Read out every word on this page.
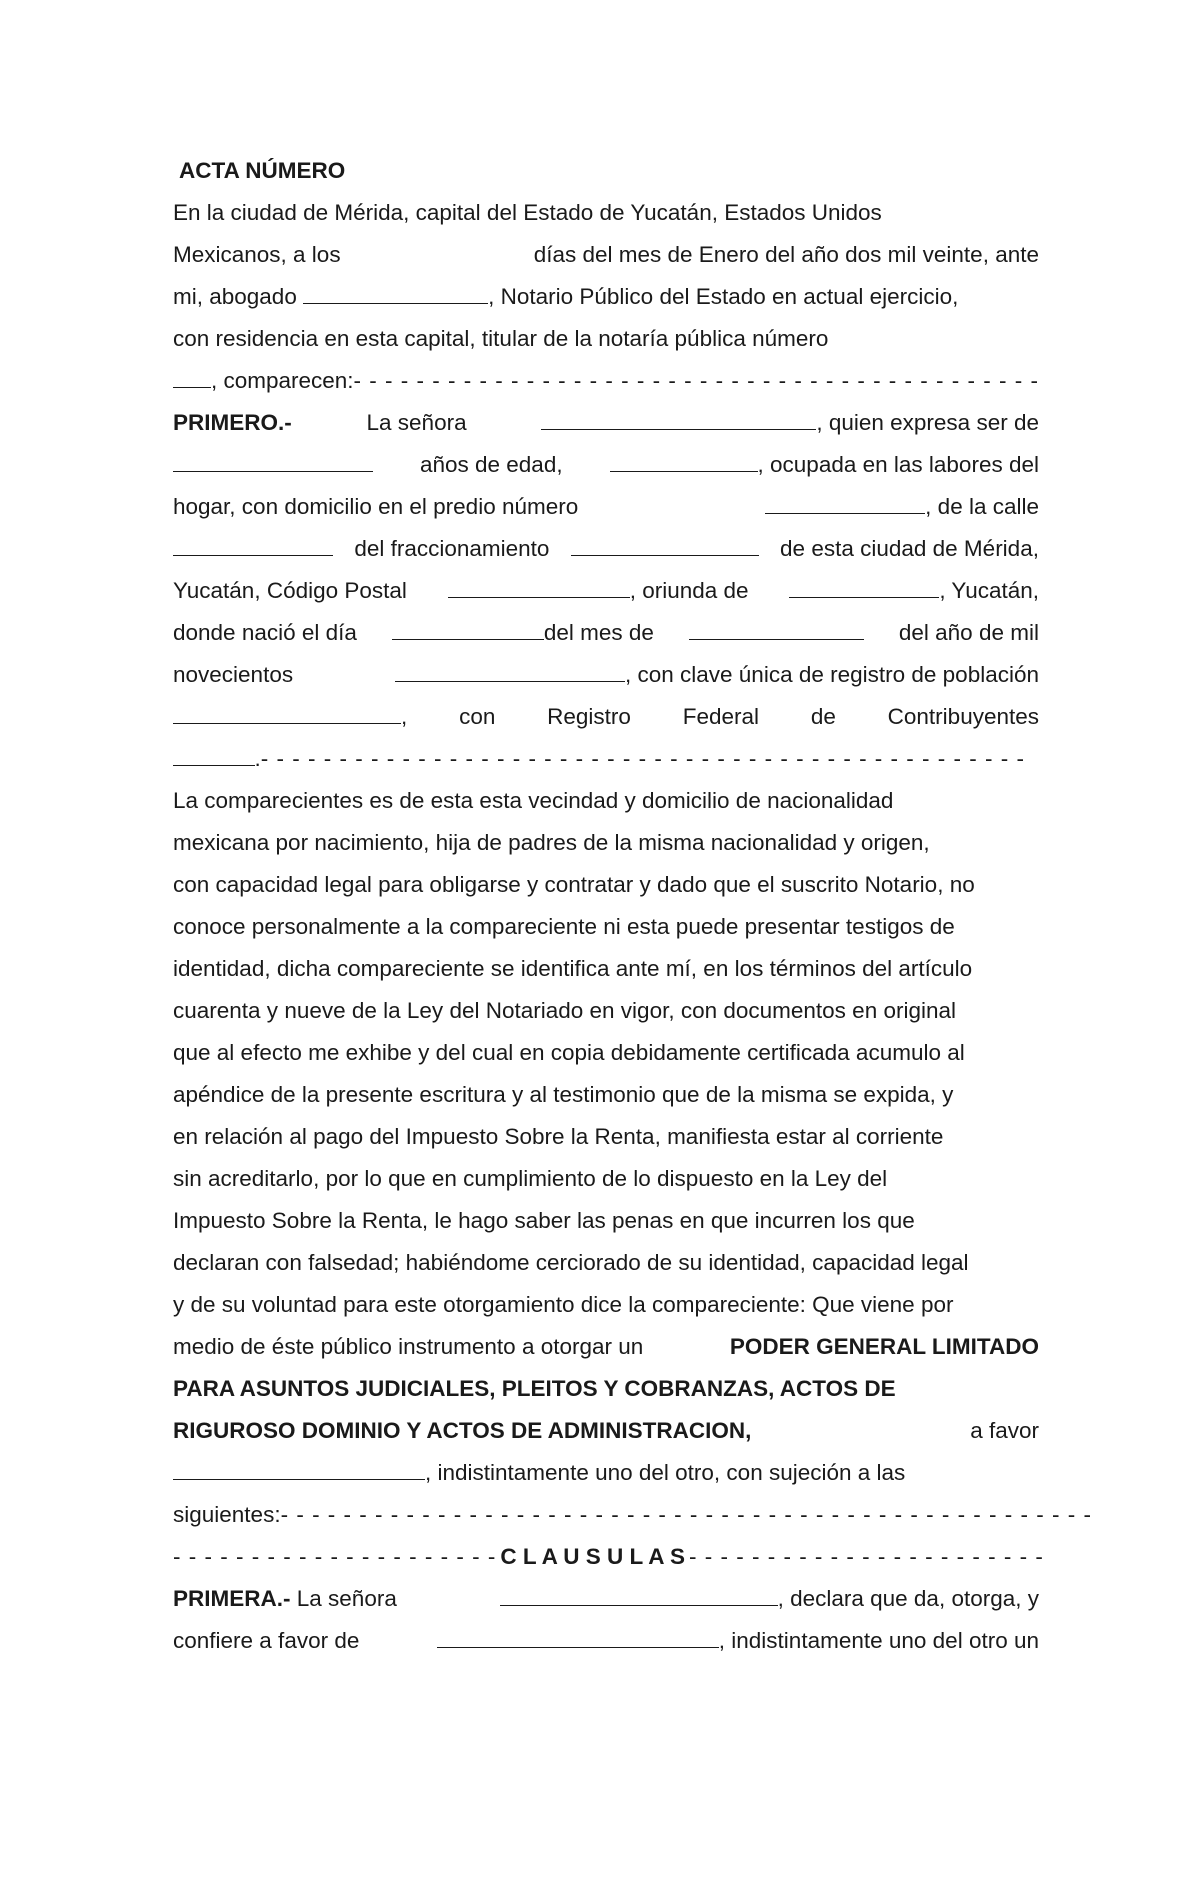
ACTA NÚMERO
En la ciudad de Mérida, capital del Estado de Yucatán, Estados Unidos
Mexicanos, a los	días del mes de Enero del año dos mil veinte, ante
mi, abogado	, Notario Público del Estado en actual ejercicio,
con residencia en esta capital, titular de la notaría pública número
, comparecen: - - - - - - - - - - - - - - - - - - - - - - - - - - - - - - - - - - - - - - - - - - - -
PRIMERO.-	La señora	, quien expresa ser de
años de edad,	, ocupada en las labores del
hogar, con domicilio en el predio número	, de la calle
del fraccionamiento	de esta ciudad de Mérida,
Yucatán, Código Postal	, oriunda de	, Yucatán,
donde nació el día	del mes de	del año de mil
novecientos	, con clave única de registro de población
, con Registro Federal de Contribuyentes
. - - - - - - - - - - - - - - - - - - - - - - - - - - - - - - - - - - - - - - - - - - - - - - - - -
La comparecientes es de esta esta vecindad y domicilio de nacionalidad
mexicana por nacimiento, hija de padres de la misma nacionalidad y origen,
con capacidad legal para obligarse y contratar y dado que el suscrito Notario, no
conoce personalmente a la compareciente ni esta puede presentar testigos de
identidad, dicha compareciente se identifica ante mí, en los términos del artículo
cuarenta y nueve de la Ley del Notariado en vigor, con documentos en original
que al efecto me exhibe y del cual en copia debidamente certificada acumulo al
apéndice de la presente escritura y al testimonio que de la misma se expida, y
en relación al pago del Impuesto Sobre la Renta, manifiesta estar al corriente
sin acreditarlo, por lo que en cumplimiento de lo dispuesto en la Ley del
Impuesto Sobre la Renta, le hago saber las penas en que incurren los que
declaran con falsedad; habiéndome cerciorado de su identidad, capacidad legal
y de su voluntad para este otorgamiento dice la compareciente: Que viene por
medio de éste público instrumento a otorgar un	PODER GENERAL LIMITADO
PARA ASUNTOS JUDICIALES, PLEITOS Y COBRANZAS, ACTOS DE
RIGUROSO DOMINIO Y ACTOS DE ADMINISTRACION,	a favor
, indistintamente uno del otro, con sujeción a las
siguientes: - - - - - - - - - - - - - - - - - - - - - - - - - - - - - - - - - - - - - - - - - - - - - - - - - - - -
- - - - - - - - - - - - - - - - - - - - - C L A U S U L A S - - - - - - - - - - - - - - - - - - - - - - -
PRIMERA.- La señora	, declara que da, otorga, y
confiere a favor de	, indistintamente uno del otro un
